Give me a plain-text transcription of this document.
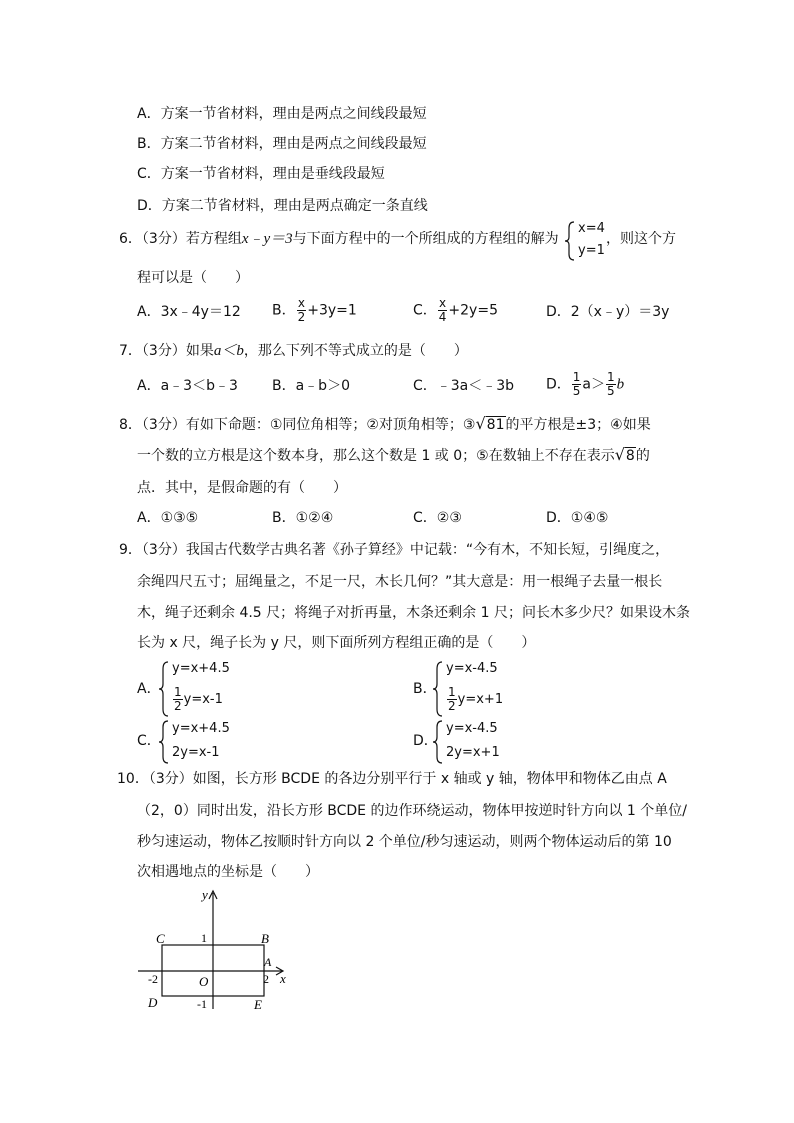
A．方案一节省材料，理由是两点之间线段最短
B．方案二节省材料，理由是两点之间线段最短
C．方案一节省材料，理由是垂线段最短
D．方案二节省材料，理由是两点确定一条直线
6．（3分）若方程组x﹣y＝3与下面方程中的一个所组成的方程组的解为
x=4
y=1
，则这个方
程可以是（　　）
A．3x﹣4y＝12 B． $\frac{x}{2} +3y=1$	C． $\frac{x}{4} +2y=5$	D．2（x﹣y）＝3y
7．（3分）如果a＜b，那么下列不等式成立的是（　　）
A．a﹣3＜b﹣3 B．a﹣b＞0	C．﹣3a＜﹣3b D． $\frac{1}{5} a> \frac{1}{5}$ b
8．（3分）有如下命题：①同位角相等；②对顶角相等；③√81的平方根是±3；④如果
一个数的立方根是这个数本身，那么这个数是 1 或 0；⑤在数轴上不存在表示√8的
点．其中，是假命题的有（　　）
A．①③⑤	B．①②④	C．②③	D．①④⑤
9．（3分）我国古代数学古典名著《孙子算经》中记载：“今有木，不知长短，引绳度之，
余绳四尺五寸；屈绳量之，不足一尺，木长几何？”其大意是：用一根绳子去量一根长
木，绳子还剩余 4.5 尺；将绳子对折再量，木条还剩余 1 尺；问长木多少尺？如果设木条
长为 x 尺，绳子长为 y 尺，则下面所列方程组正确的是（　　）
A．
y=x+4.5
$\frac{1}{2} y=x-1$
B．
y=x-4.5
$\frac{1}{2} y=x+1$
C．
y=x+4.5
2y=x-1
D．
y=x-4.5
2y=x+1
10．（3分）如图，长方形 BCDE 的各边分别平行于 x 轴或 y 轴，物体甲和物体乙由点 A
（2，0）同时出发，沿长方形 BCDE 的边作环绕运动，物体甲按逆时针方向以 1 个单位/
秒匀速运动，物体乙按顺时针方向以 2 个单位/秒匀速运动，则两个物体运动后的第 10
次相遇地点的坐标是（　　）
y
x
O
C	B
A
D	E
1
-1
2
-2
